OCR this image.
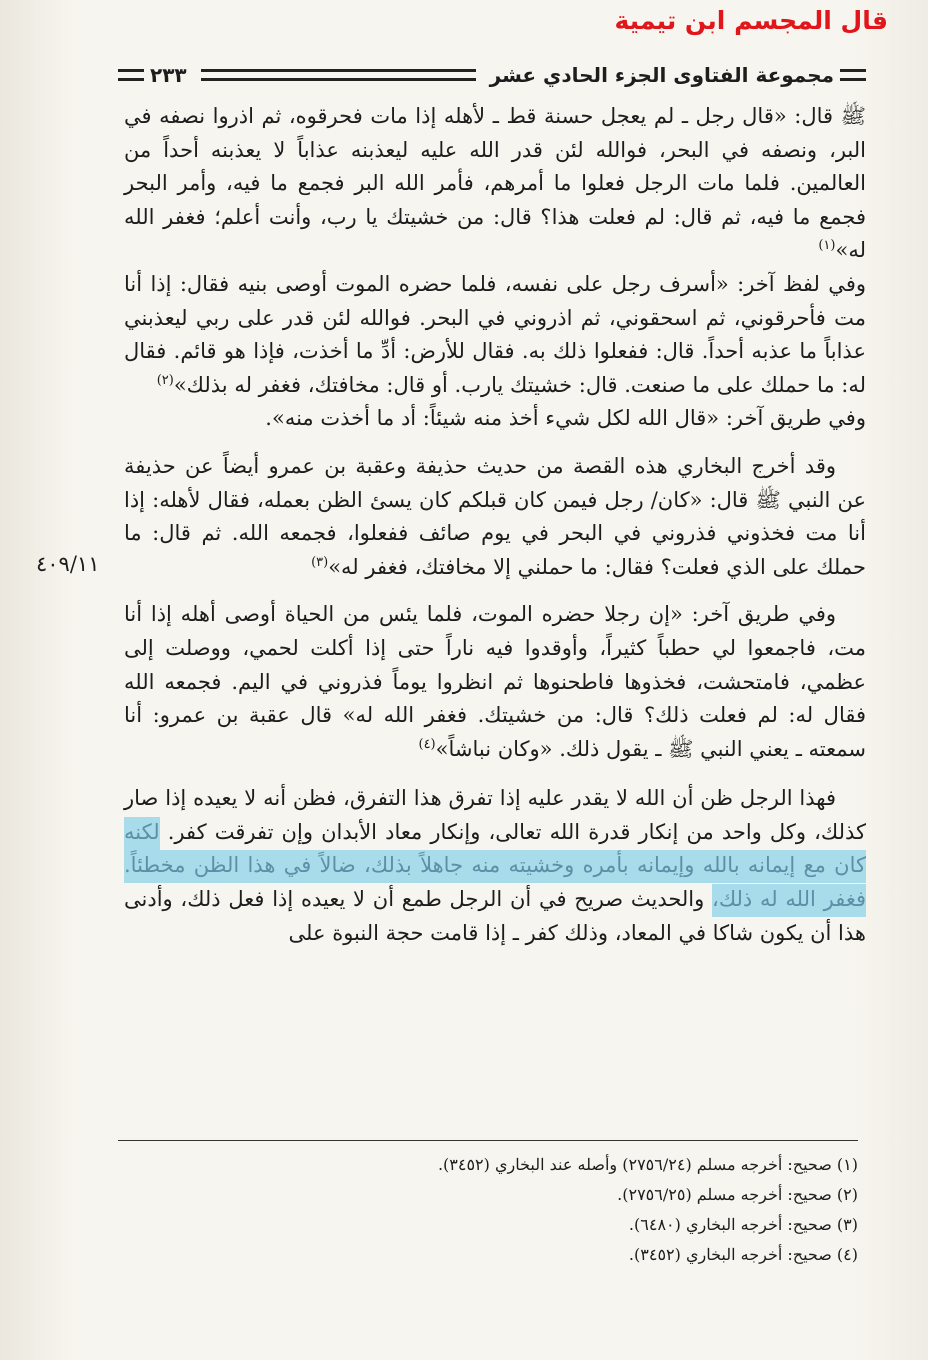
قال المجسم ابن تيمية
مجموعة الفتاوى الجزء الحادي عشر
٢٣٣
٤٠٩/١١

ﷺ قال: «قال رجل ـ لم يعجل حسنة قط ـ لأهله إذا مات فحرقوه، ثم اذروا نصفه في البر، ونصفه في البحر، فوالله لئن قدر الله عليه ليعذبنه عذاباً لا يعذبنه أحداً من العالمين. فلما مات الرجل فعلوا ما أمرهم، فأمر الله البر فجمع ما فيه، وأمر البحر فجمع ما فيه، ثم قال: لم فعلت هذا؟ قال: من خشيتك يا رب، وأنت أعلم؛ فغفر الله له»$^{(١)}$

وفي لفظ آخر: «أسرف رجل على نفسه، فلما حضره الموت أوصى بنيه فقال: إذا أنا مت فأحرقوني، ثم اسحقوني، ثم اذروني في البحر. فوالله لئن قدر على ربي ليعذبني عذاباً ما عذبه أحداً. قال: ففعلوا ذلك به. فقال للأرض: أدِّ ما أخذت، فإذا هو قائم. فقال له: ما حملك على ما صنعت. قال: خشيتك يارب. أو قال: مخافتك، فغفر له بذلك»$^{(٢)}$

وفي طريق آخر: «قال الله لكل شيء أخذ منه شيئاً: أد ما أخذت منه».

وقد أخرج البخاري هذه القصة من حديث حذيفة وعقبة بن عمرو أيضاً عن حذيفة عن النبي ﷺ قال: «كان/ رجل فيمن كان قبلكم كان يسئ الظن بعمله، فقال لأهله: إذا أنا مت فخذوني فذروني في البحر في يوم صائف ففعلوا، فجمعه الله. ثم قال: ما حملك على الذي فعلت؟ فقال: ما حملني إلا مخافتك، فغفر له»$^{(٣)}$

وفي طريق آخر: «إن رجلا حضره الموت، فلما يئس من الحياة أوصى أهله إذا أنا مت، فاجمعوا لي حطباً كثيراً، وأوقدوا فيه ناراً حتى إذا أكلت لحمي، ووصلت إلى عظمي، فامتحشت، فخذوها فاطحنوها ثم انظروا يوماً فذروني في اليم. فجمعه الله فقال له: لم فعلت ذلك؟ قال: من خشيتك. فغفر الله له» قال عقبة بن عمرو: أنا سمعته ـ يعني النبي ﷺ ـ يقول ذلك. «وكان نباشاً»$^{(٤)}$

فهذا الرجل ظن أن الله لا يقدر عليه إذا تفرق هذا التفرق، فظن أنه لا يعيده إذا صار كذلك، وكل واحد من إنكار قدرة الله تعالى، وإنكار معاد الأبدان وإن تفرقت كفر. لكنه كان مع إيمانه بالله وإيمانه بأمره وخشيته منه جاهلاً بذلك، ضالاً في هذا الظن مخطئاً. فغفر الله له ذلك، والحديث صريح في أن الرجل طمع أن لا يعيده إذا فعل ذلك، وأدنى هذا أن يكون شاكا في المعاد، وذلك كفر ـ إذا قامت حجة النبوة على

(١) صحيح: أخرجه مسلم (٢٧٥٦/٢٤) وأصله عند البخاري (٣٤٥٢).

(٢) صحيح: أخرجه مسلم (٢٧٥٦/٢٥).

(٣) صحيح: أخرجه البخاري (٦٤٨٠).

(٤) صحيح: أخرجه البخاري (٣٤٥٢).
